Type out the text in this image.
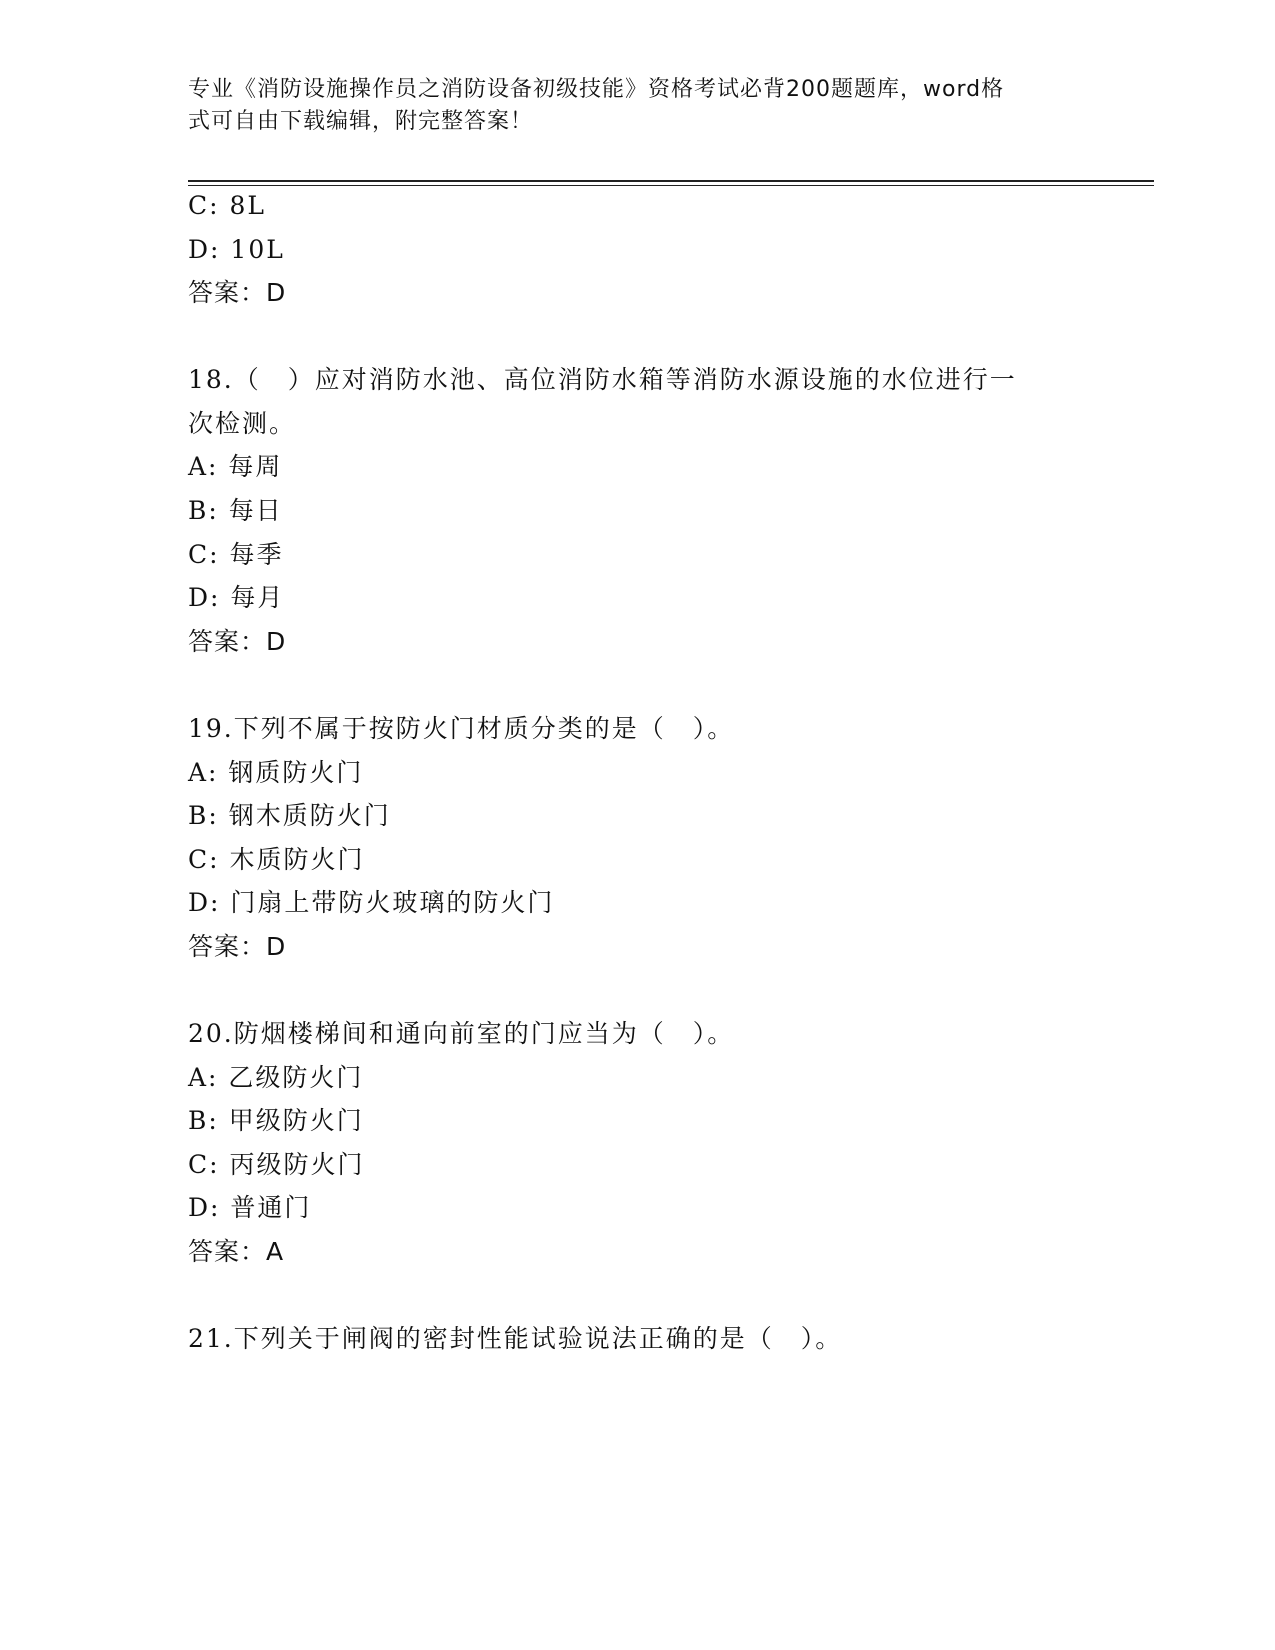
专业《消防设施操作员之消防设备初级技能》资格考试必背200题题库，word格
式可自由下载编辑，附完整答案！
C: 8L
D: 10L
答案：D
18.（　）应对消防水池、高位消防水箱等消防水源设施的水位进行一
次检测。
A: 每周
B: 每日
C: 每季
D: 每月
答案：D
19.下列不属于按防火门材质分类的是（　）。
A: 钢质防火门
B: 钢木质防火门
C: 木质防火门
D: 门扇上带防火玻璃的防火门
答案：D
20.防烟楼梯间和通向前室的门应当为（　）。
A: 乙级防火门
B: 甲级防火门
C: 丙级防火门
D: 普通门
答案：A
21.下列关于闸阀的密封性能试验说法正确的是（　）。
